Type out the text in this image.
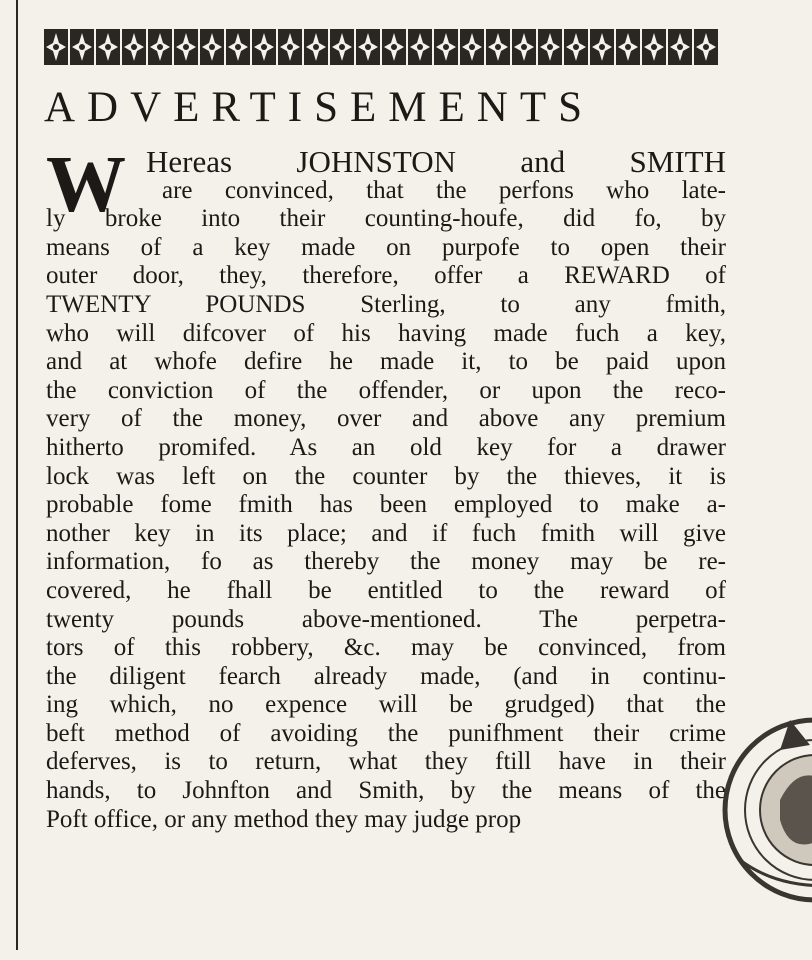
ADVERTISEMENTS
W Hereas JOHNSTON and SMITH
are convinced, that the perfons who late-
ly broke into their counting-houfe, did fo, by
means of a key made on purpofe to open their
outer door, they, therefore, offer a REWARD of
TWENTY POUNDS Sterling, to any fmith,
who will difcover of his having made fuch a key,
and at whofe defire he made it, to be paid upon
the conviction of the offender, or upon the reco-
very of the money, over and above any premium
hitherto promifed. As an old key for a drawer
lock was left on the counter by the thieves, it is
probable fome fmith has been employed to make a-
nother key in its place; and if fuch fmith will give
information, fo as thereby the money may be re-
covered, he fhall be entitled to the reward of
twenty pounds above-mentioned. The perpetra-
tors of this robbery, &c. may be convinced, from
the diligent fearch already made, (and in continu-
ing which, no expence will be grudged) that the
beft method of avoiding the punifhment their crime
deferves, is to return, what they ftill have in their
hands, to Johnfton and Smith, by the means of the
Poft office, or any method they may judge prop
